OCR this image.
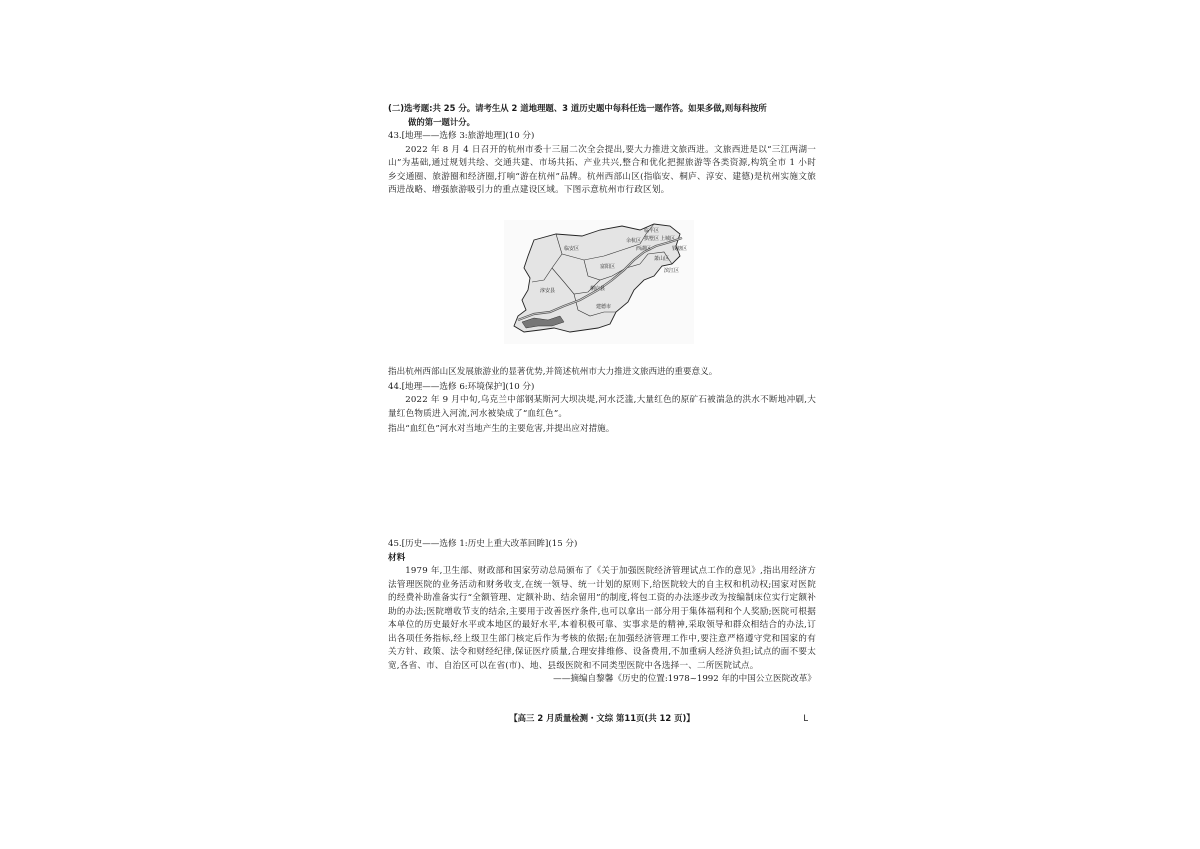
(二)选考题:共 25 分。请考生从 2 道地理题、3 道历史题中每科任选一题作答。如果多做,则每科按所
做的第一题计分。
43.[地理——选修 3:旅游地理](10 分)
2022 年 8 月 4 日召开的杭州市委十三届二次全会提出,要大力推进文旅西进。文旅西进是以“三江两湖一山”为基础,通过规划共绘、交通共建、市场共拓、产业共兴,整合和优化把握旅游等各类资源,构筑全市 1 小时乡交通圈、旅游圈和经济圈,打响“游在杭州”品牌。杭州西部山区(指临安、桐庐、淳安、建德)是杭州实施文旅西进战略、增强旅游吸引力的重点建设区域。下图示意杭州市行政区划。
临安区
富阳区
桐庐县
淳安县
建德市
余杭区
临平区
萧山区
上城区
钱塘区
西湖区
拱墅区
滨江区
指出杭州西部山区发展旅游业的显著优势,并简述杭州市大力推进文旅西进的重要意义。
44.[地理——选修 6:环境保护](10 分)
2022 年 9 月中旬,乌克兰中部钢某斯河大坝决堤,河水泛滥,大量红色的原矿石被湍急的洪水不断地冲刷,大量红色物质进入河流,河水被染成了“血红色”。
指出“血红色”河水对当地产生的主要危害,并提出应对措施。
45.[历史——选修 1:历史上重大改革回眸](15 分)
材料
1979 年,卫生部、财政部和国家劳动总局颁布了《关于加强医院经济管理试点工作的意见》,指出用经济方法管理医院的业务活动和财务收支,在统一领导、统一计划的原则下,给医院较大的自主权和机动权;国家对医院的经费补助准备实行“全额管理、定额补助、结余留用”的制度,将包工资的办法逐步改为按编制床位实行定额补助的办法;医院增收节支的结余,主要用于改善医疗条件,也可以拿出一部分用于集体福利和个人奖励;医院可根据本单位的历史最好水平或本地区的最好水平,本着积极可靠、实事求是的精神,采取领导和群众相结合的办法,订出各项任务指标,经上级卫生部门核定后作为考核的依据;在加强经济管理工作中,要注意严格遵守党和国家的有关方针、政策、法令和财经纪律,保证医疗质量,合理安排维修、设备费用,不加重病人经济负担;试点的面不要太宽,各省、市、自治区可以在省(市)、地、县级医院和不同类型医院中各选择一、二所医院试点。
——摘编自黎馨《历史的位置:1978~1992 年的中国公立医院改革》
【高三 2 月质量检测・文综 第11页(共 12 页)】	L
